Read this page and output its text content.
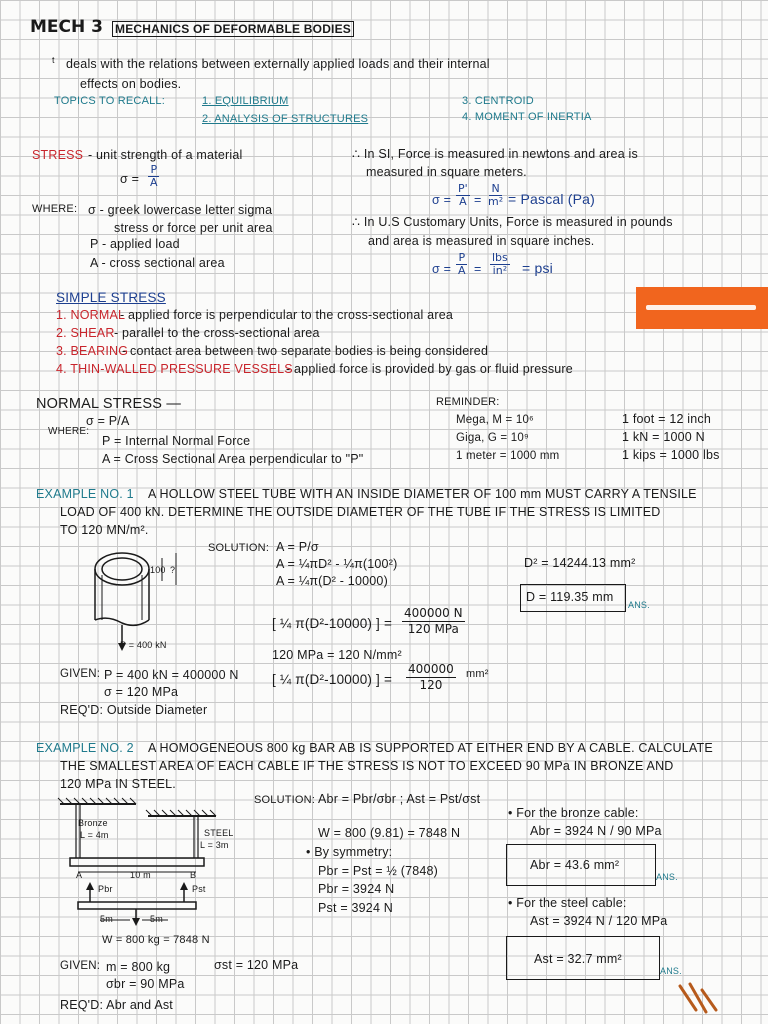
MECH 3 MECHANICS OF DEFORMABLE BODIES
ᵗ deals with the relations between externally applied loads and their internal
effects on bodies.
TOPICS TO RECALL:	1. EQUILIBRIUM
2. ANALYSIS OF STRUCTURES
3. CENTROID
4. MOMENT OF INERTIA
STRESS - unit strength of a material
$\sigma = \frac{P}{A}$
WHERE: σ - greek lowercase letter sigma
stress or force per unit area
P - applied load
A - cross sectional area
∴ In SI, Force is measured in newtons and area is
measured in square meters.
$\sigma = \frac{P'}{A} = \frac{N}{\text{m²}}$ = Pascal (Pa)
∴ In U.S Customary Units, Force is measured in pounds
and area is measured in square inches.
$\sigma = \frac{P}{A}$ =
lbs
in² = psi
SIMPLE STRESS
1. NORMAL
- applied force is perpendicular to the cross-sectional area
2. SHEAR - parallel to the cross-sectional area
3. BEARING
- contact area between two separate bodies is being considered
4. THIN-WALLED PRESSURE VESSELS
- applied force is provided by gas or fluid pressure
NORMAL STRESS —
WHERE:
σ = P/A
P = Internal Normal Force
A = Cross Sectional Area perpendicular to "P"
REMINDER:
Mega, M = 10⁶
Giga, G = 10⁹
1 meter = 1000 mm
1 foot = 12 inch
1 kN = 1000 N
1 kips = 1000 lbs
EXAMPLE NO. 1 A HOLLOW STEEL TUBE WITH AN INSIDE DIAMETER OF 100 mm MUST CARRY A TENSILE
LOAD OF 400 kN. DETERMINE THE OUTSIDE DIAMETER OF THE TUBE IF THE STRESS IS LIMITED
TO 120 MN/m².
100 ?
P = 400 kN
SOLUTION: A = P/σ
A = ¼πD² - ¼π(100²)
A = ¼π(D² - 10000)
[ ¼ π(D²-10000) ] =
400000 N
120 MPa
120 MPa = 120 N/mm²
[ ¼ π(D²-10000) ] = $\frac{400000}{120} mm^2$
D² = 14244.13 mm²
D = 119.35 mm
ANS.
GIVEN: P = 400 kN = 400000 N
σ = 120 MPa
REQ'D: Outside Diameter
EXAMPLE NO. 2 A HOMOGENEOUS 800 kg BAR AB IS SUPPORTED AT EITHER END BY A CABLE. CALCULATE
THE SMALLEST AREA OF EACH CABLE IF THE STRESS IS NOT TO EXCEED 90 MPa IN BRONZE AND
120 MPa IN STEEL.
Bronze
L = 4m	STEEL
L = 3m
A	B
10 m
Pbr	Pst
5m	5m
W = 800 kg = 7848 N
SOLUTION: Abr = Pbr/σbr ; Ast = Pst/σst
W = 800 (9.81) = 7848 N
• By symmetry:
Pbr = Pst = ½ (7848)
Pbr = 3924 N
Pst = 3924 N
• For the bronze cable:
Abr = 3924 N / 90 MPa
Abr = 43.6 mm²
ANS.
• For the steel cable:
Ast = 3924 N / 120 MPa
Ast = 32.7 mm²
ANS.
GIVEN: m = 800 kg	σst = 120 MPa
σbr = 90 MPa
REQ'D: Abr and Ast
